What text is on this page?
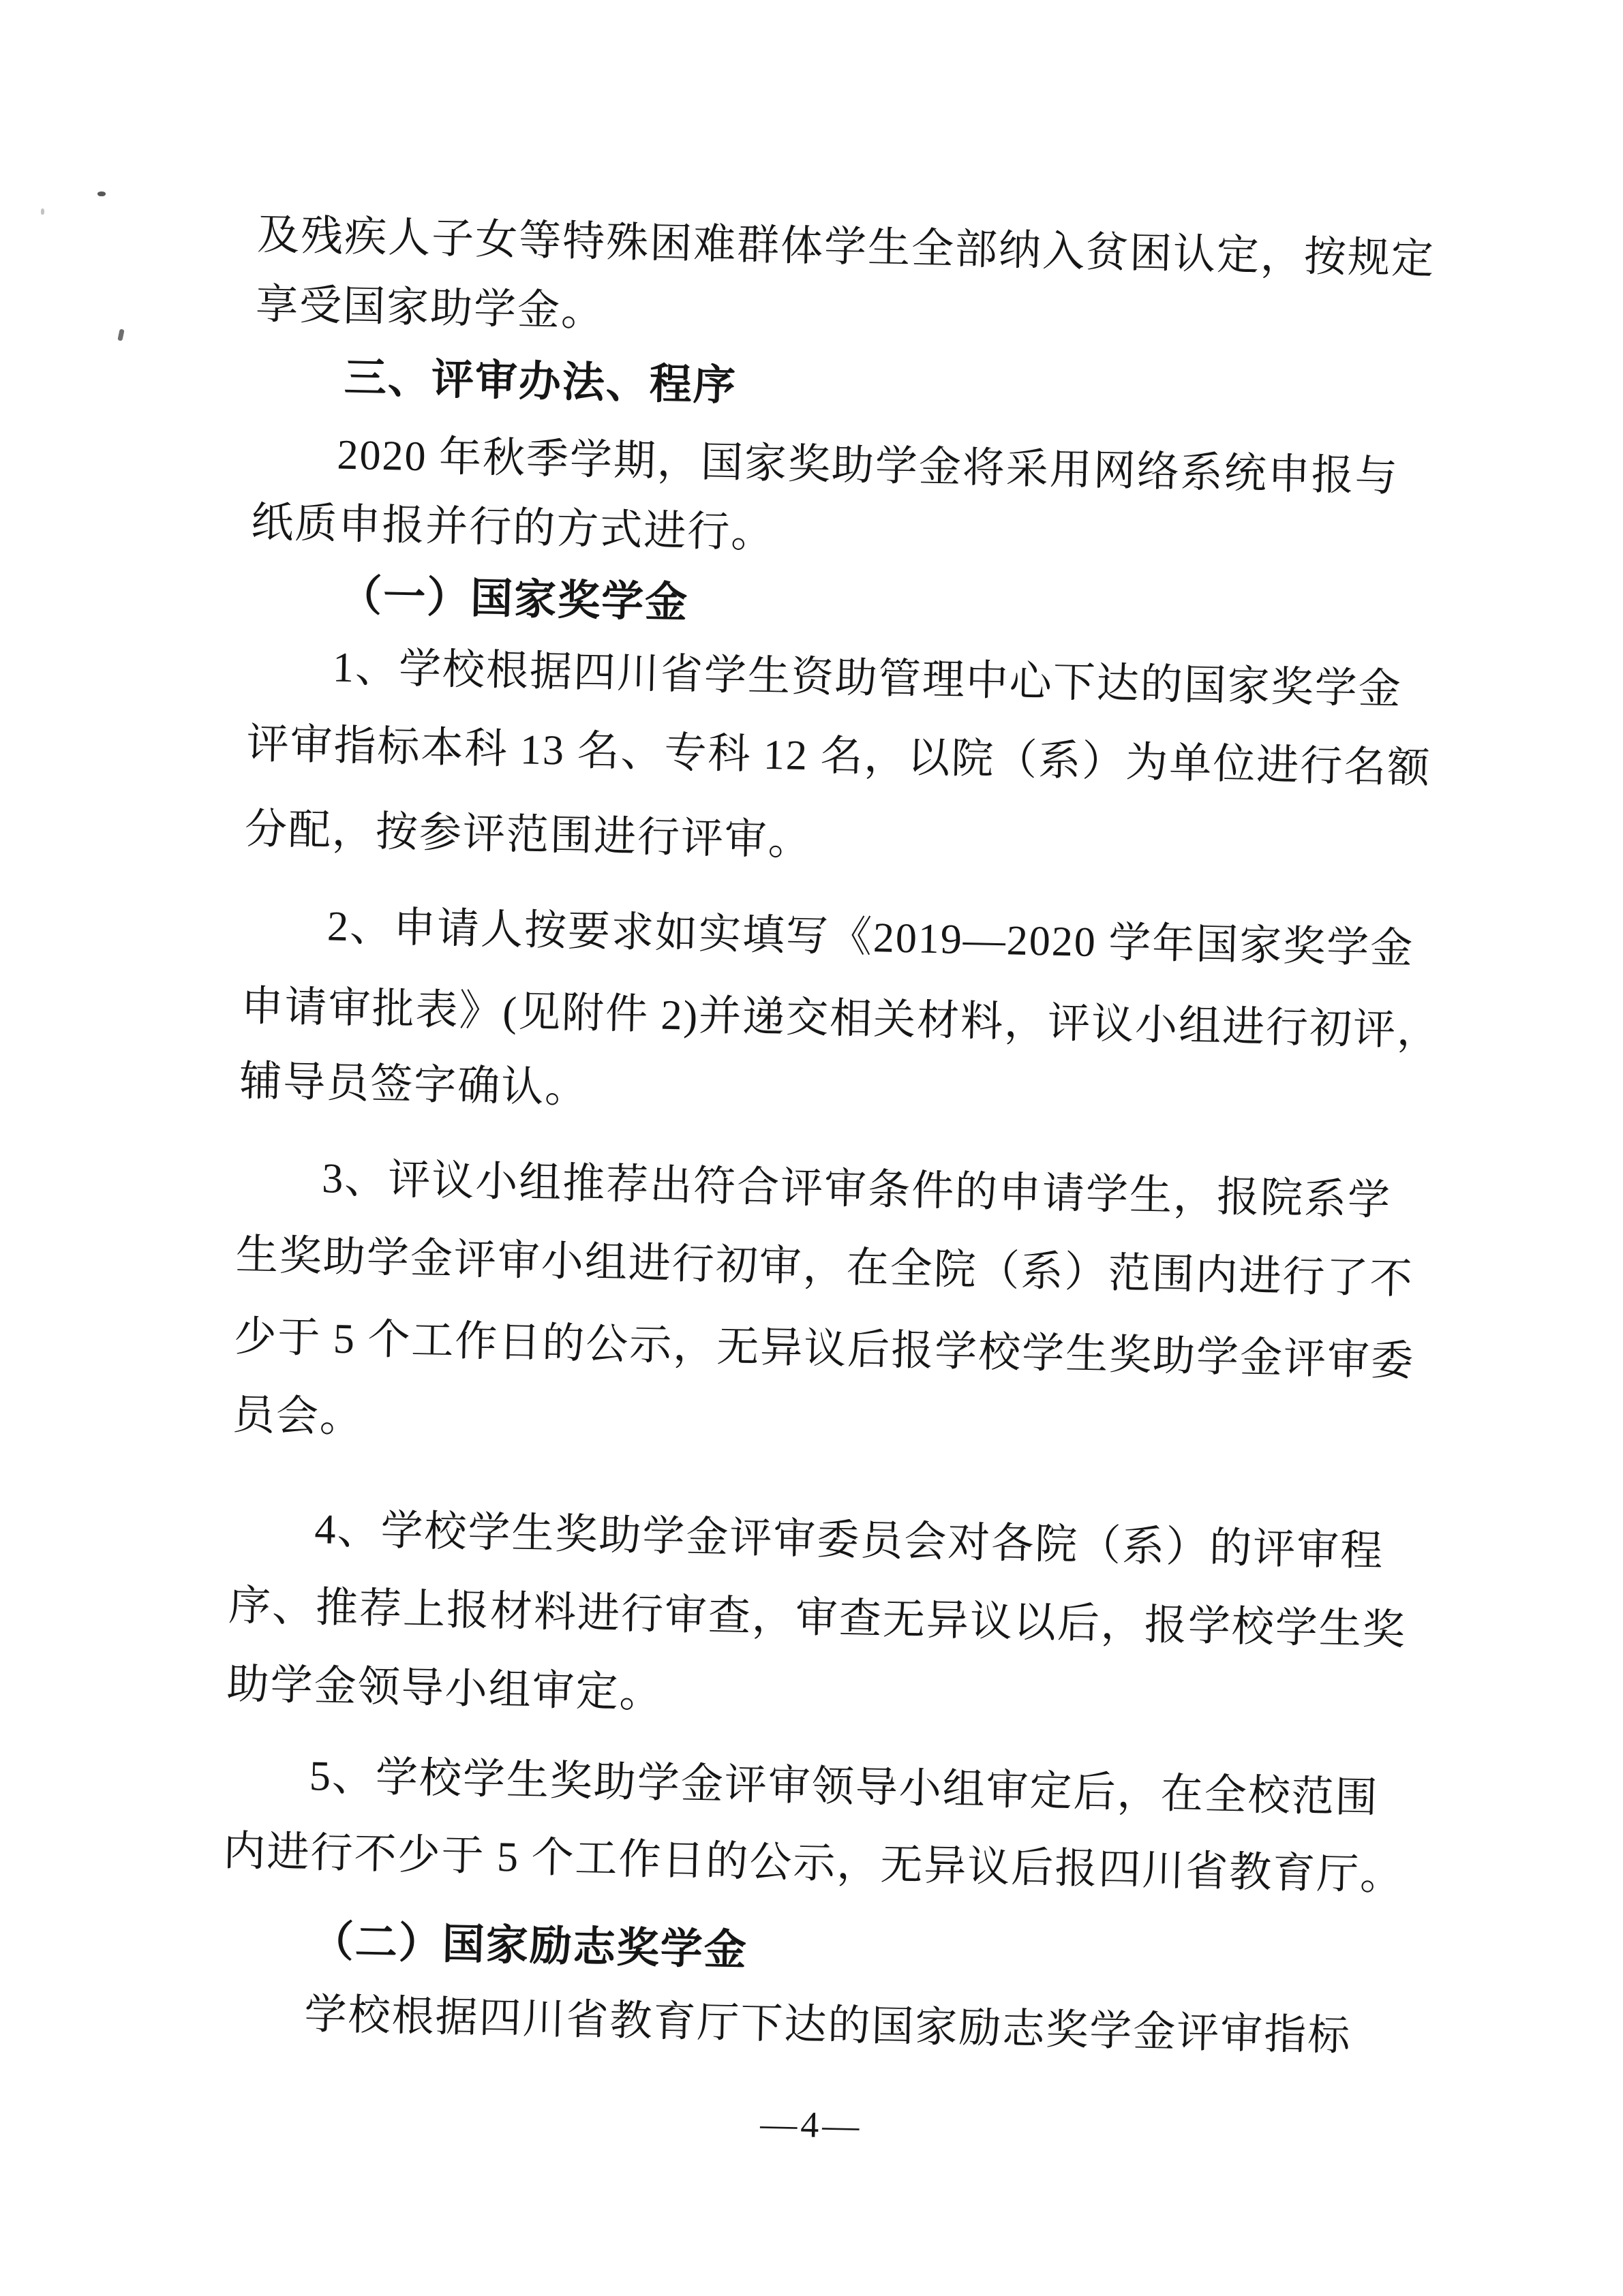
及残疾人子女等特殊困难群体学生全部纳入贫困认定，按规定
享受国家助学金。
三、评审办法、程序
2020 年秋季学期，国家奖助学金将采用网络系统申报与
纸质申报并行的方式进行。
（一）国家奖学金
1、学校根据四川省学生资助管理中心下达的国家奖学金
评审指标本科 13 名、专科 12 名，以院（系）为单位进行名额
分配，按参评范围进行评审。
2、申请人按要求如实填写《2019—2020 学年国家奖学金
申请审批表》(见附件 2)并递交相关材料，评议小组进行初评，
辅导员签字确认。
3、评议小组推荐出符合评审条件的申请学生，报院系学
生奖助学金评审小组进行初审，在全院（系）范围内进行了不
少于 5 个工作日的公示，无异议后报学校学生奖助学金评审委
员会。
4、学校学生奖助学金评审委员会对各院（系）的评审程
序、推荐上报材料进行审查，审查无异议以后，报学校学生奖
助学金领导小组审定。
5、学校学生奖助学金评审领导小组审定后，在全校范围
内进行不少于 5 个工作日的公示，无异议后报四川省教育厅。
（二）国家励志奖学金
学校根据四川省教育厅下达的国家励志奖学金评审指标
—4—
